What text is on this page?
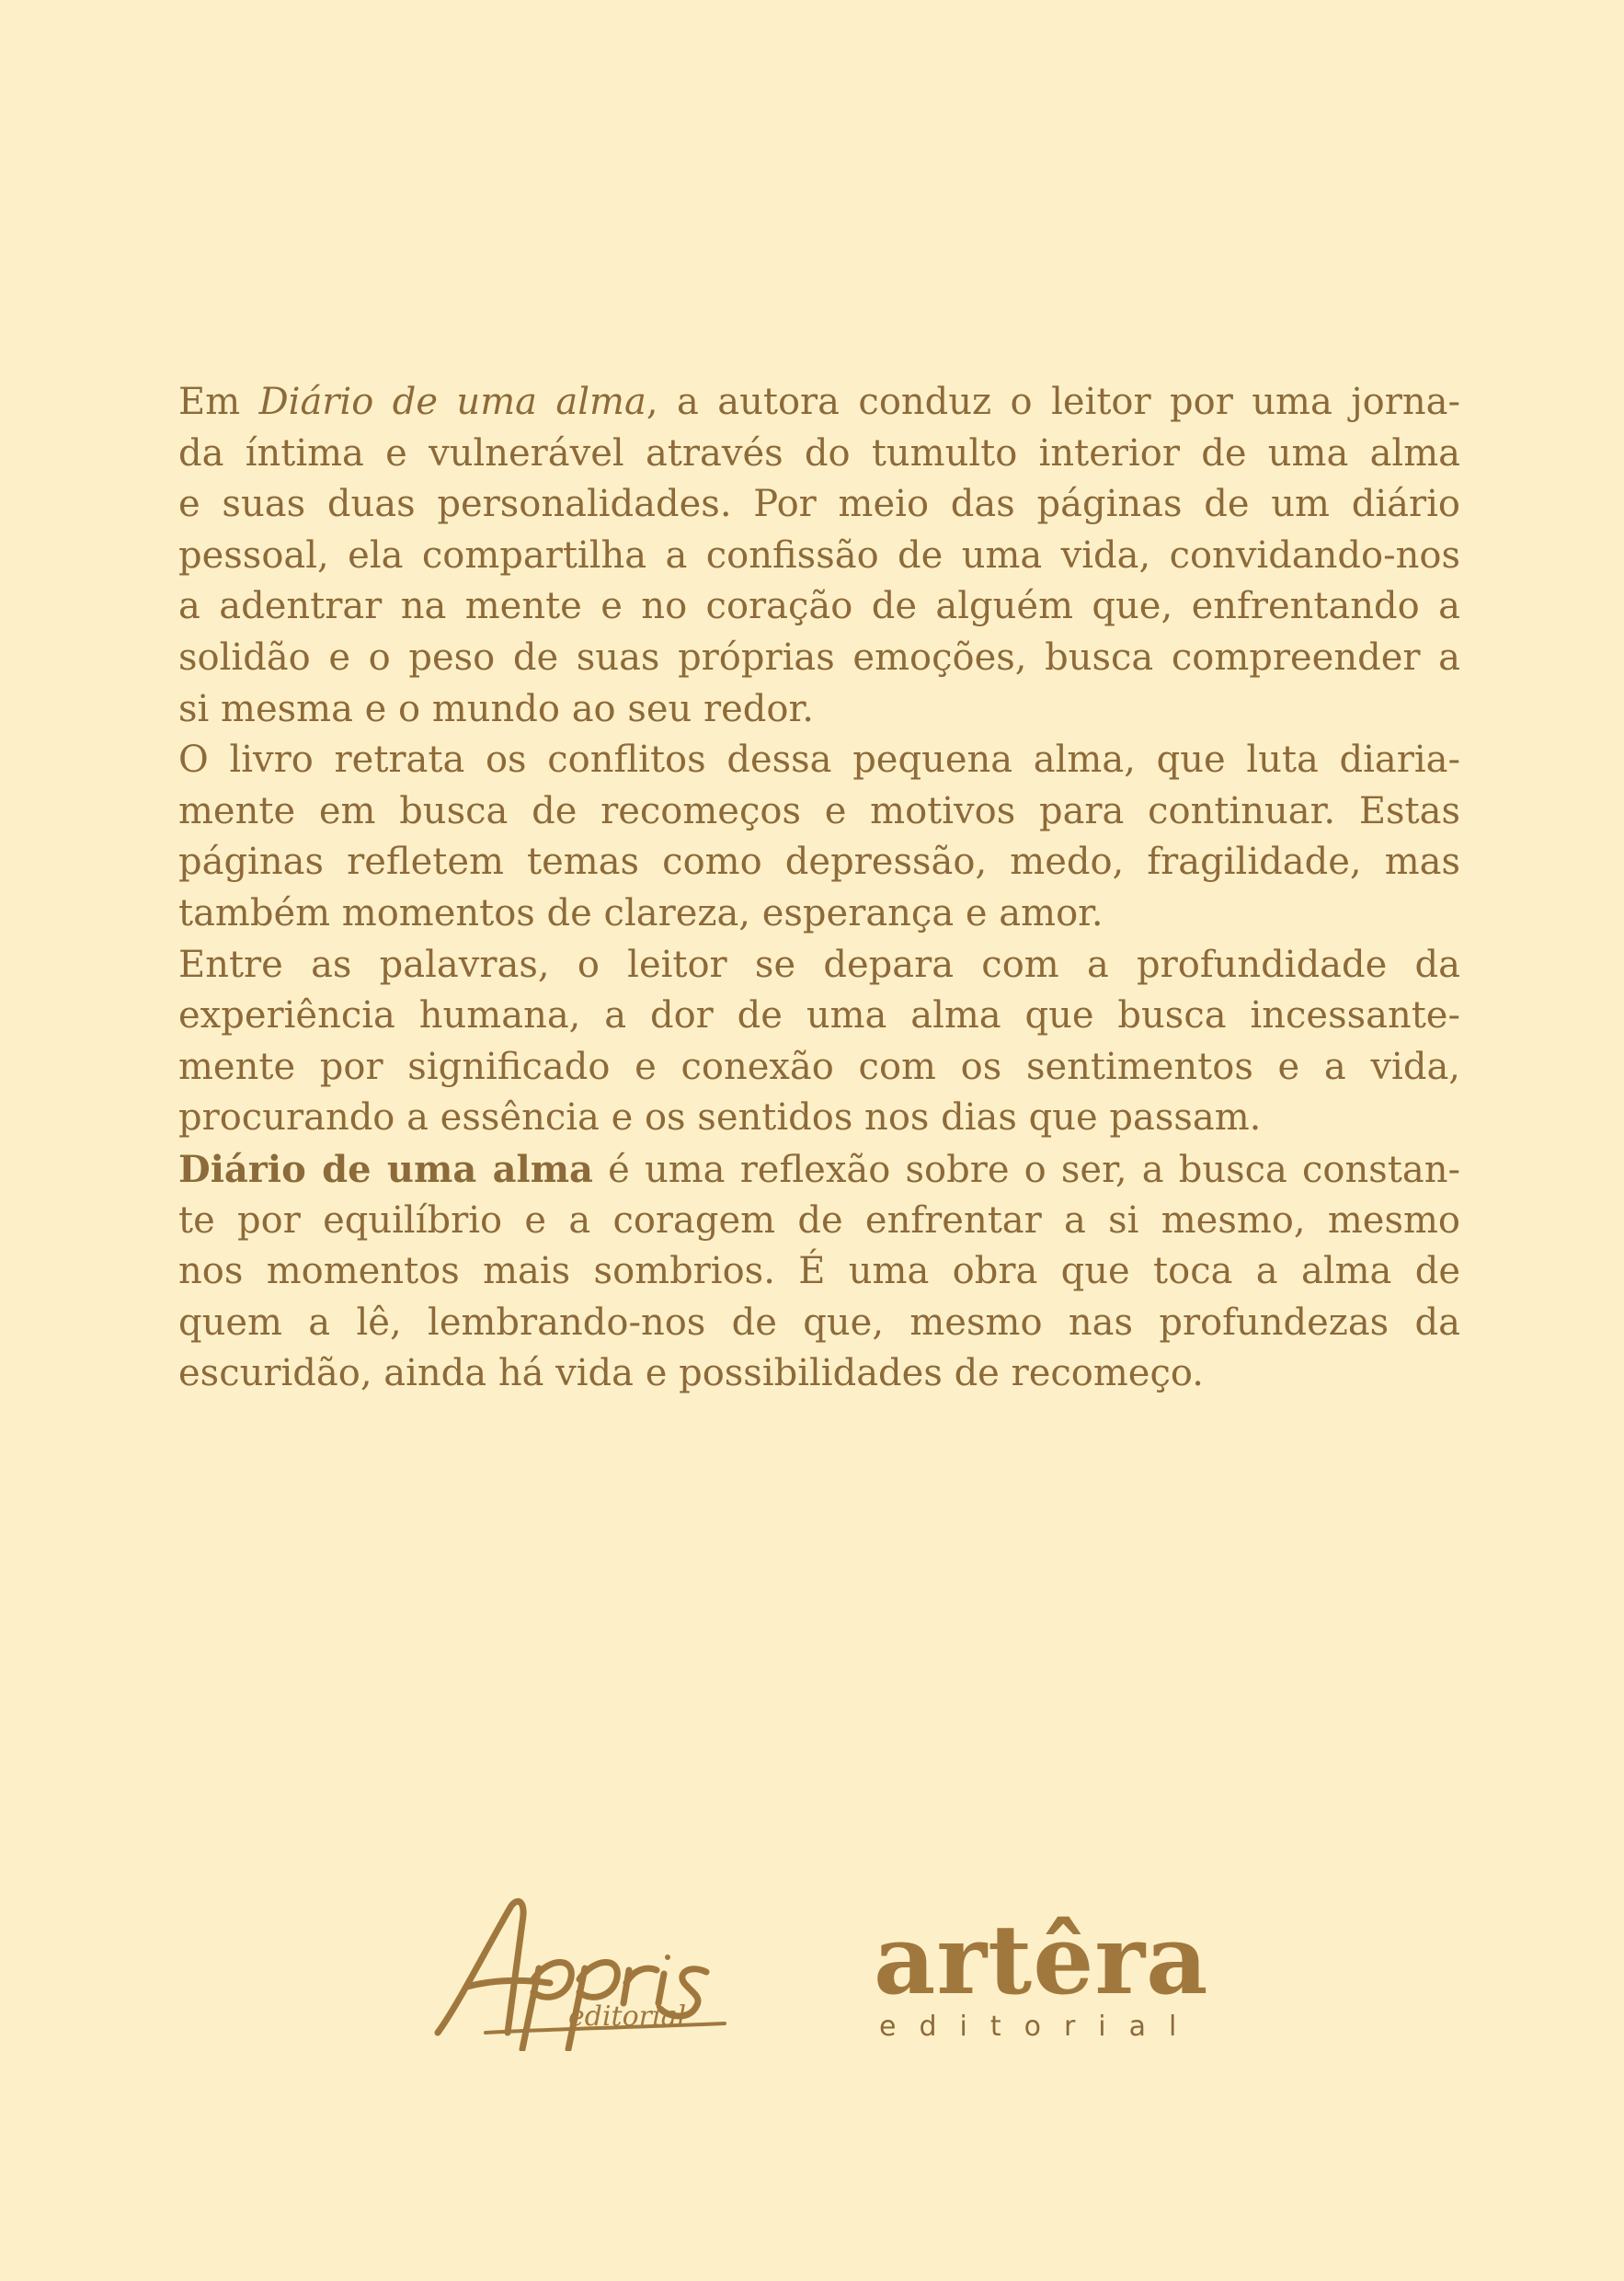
Em Diário de uma alma, a autora conduz o leitor por uma jorna-
da íntima e vulnerável através do tumulto interior de uma alma
e suas duas personalidades. Por meio das páginas de um diário
pessoal, ela compartilha a confissão de uma vida, convidando-nos
a adentrar na mente e no coração de alguém que, enfrentando a
solidão e o peso de suas próprias emoções, busca compreender a
si mesma e o mundo ao seu redor.
O livro retrata os conflitos dessa pequena alma, que luta diaria-
mente em busca de recomeços e motivos para continuar. Estas
páginas refletem temas como depressão, medo, fragilidade, mas
também momentos de clareza, esperança e amor.
Entre as palavras, o leitor se depara com a profundidade da
experiência humana, a dor de uma alma que busca incessante-
mente por significado e conexão com os sentimentos e a vida,
procurando a essência e os sentidos nos dias que passam.
Diário de uma alma é uma reflexão sobre o ser, a busca constan-
te por equilíbrio e a coragem de enfrentar a si mesmo, mesmo
nos momentos mais sombrios. É uma obra que toca a alma de
quem a lê, lembrando-nos de que, mesmo nas profundezas da
escuridão, ainda há vida e possibilidades de recomeço.
editorial
artêra
editorial
